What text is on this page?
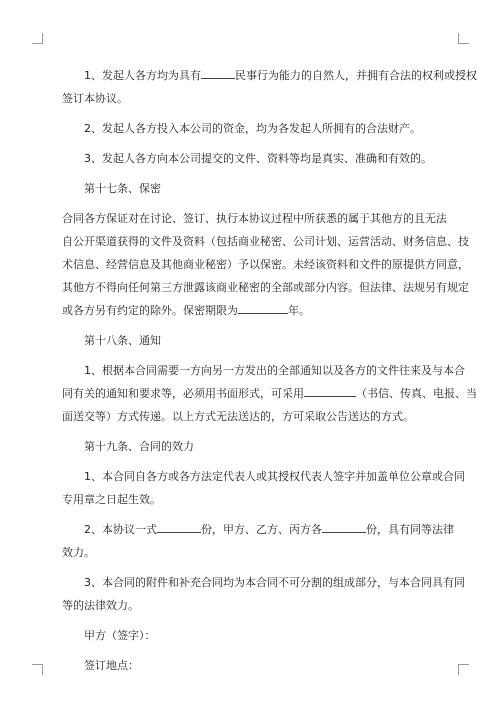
1、发起人各方均为具有	民事行为能力的自然人，并拥有合法的权利或授权
签订本协议。
2、发起人各方投入本公司的资金，均为各发起人所拥有的合法财产。
3、发起人各方向本公司提交的文件、资料等均是真实、准确和有效的。
第十七条、保密
合同各方保证对在讨论、签订、执行本协议过程中所获悉的属于其他方的且无法
自公开渠道获得的文件及资料（包括商业秘密、公司计划、运营活动、财务信息、技
术信息、经营信息及其他商业秘密）予以保密。未经该资料和文件的原提供方同意，
其他方不得向任何第三方泄露该商业秘密的全部或部分内容。但法律、法规另有规定
或各方另有约定的除外。保密期限为	年。
第十八条、通知
1、根据本合同需要一方向另一方发出的全部通知以及各方的文件往来及与本合
同有关的通知和要求等，必须用书面形式，可采用	（书信、传真、电报、当
面送交等）方式传递。以上方式无法送达的，方可采取公告送达的方式。
第十九条、合同的效力
1、本合同自各方或各方法定代表人或其授权代表人签字并加盖单位公章或合同
专用章之日起生效。
2、本协议一式	份，甲方、乙方、丙方各	份，具有同等法律
效力。
3、本合同的附件和补充合同均为本合同不可分割的组成部分，与本合同具有同
等的法律效力。
甲方（签字）：
签订地点：
